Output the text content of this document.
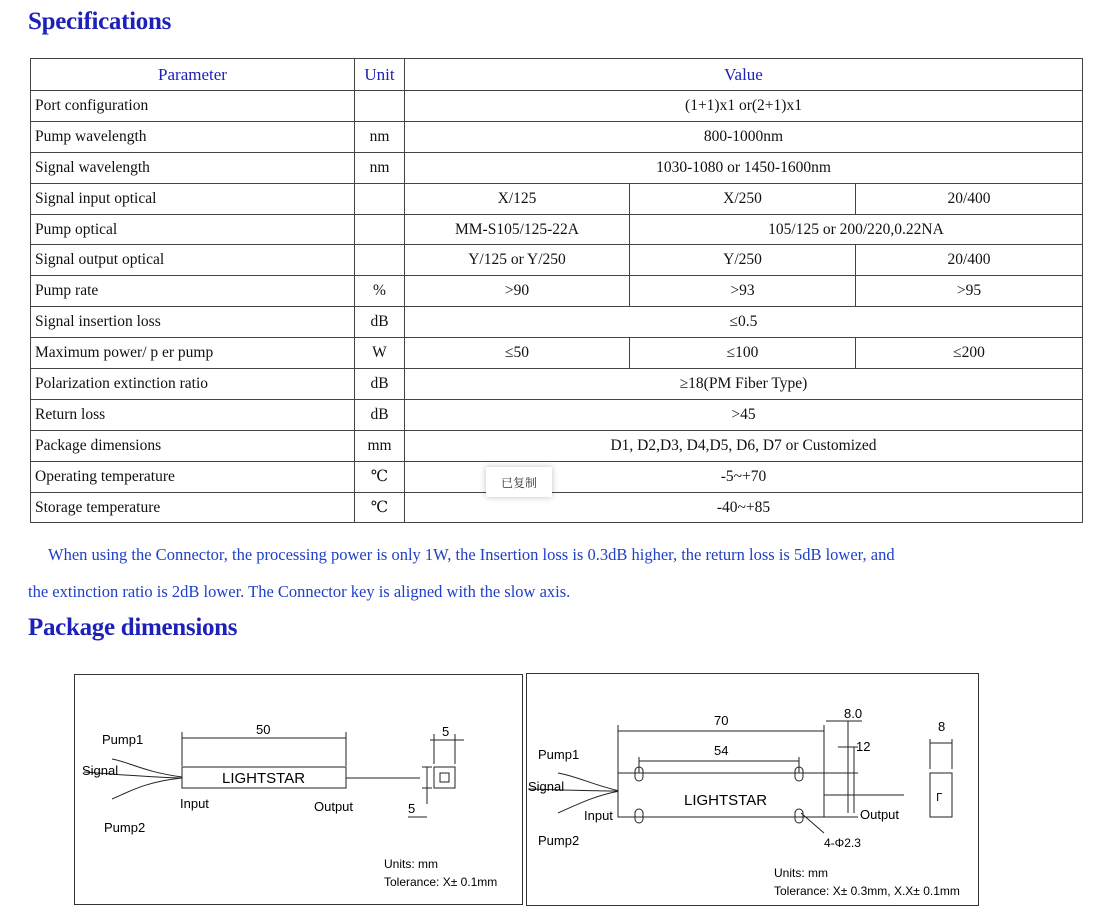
Specifications
Parameter	Unit	Value		
Port configuration		(1+1)x1 or(2+1)x1		
Pump wavelength	nm	800-1000nm		
Signal wavelength	nm	1030-1080 or 1450-1600nm		
Signal input optical		X/125	X/250	20/400
Pump optical		MM-S105/125-22A	105/125 or 200/220,0.22NA	
Signal output optical		Y/125 or Y/250	Y/250	20/400
Pump rate	%	>90	>93	>95
Signal insertion loss	dB	≤0.5		
Maximum power/ p er pump	W	≤50	≤100	≤200
Polarization extinction ratio	dB	≥18(PM Fiber Type)		
Return loss	dB	>45		
Package dimensions	mm	D1, D2,D3, D4,D5, D6, D7 or Customized		
Operating temperature	℃	-5~+70		
Storage temperature	℃	-40~+85		
已复制
When using the Connector, the processing power is only 1W, the Insertion loss is 0.3dB higher, the return loss is 5dB lower, and
the extinction ratio is 2dB lower. The Connector key is aligned with the slow axis.
Package dimensions
Pump1
Signal
Pump2
50
LIGHTSTAR
Input	Output
5
5
Units: mm
Tolerance: X± 0.1mm
Pump1
Signal
Pump2
70
54
LIGHTSTAR
Input	Output
8.0
12
4-Φ2.3
8
ᒥ
Units: mm
Tolerance: X± 0.3mm, X.X± 0.1mm
